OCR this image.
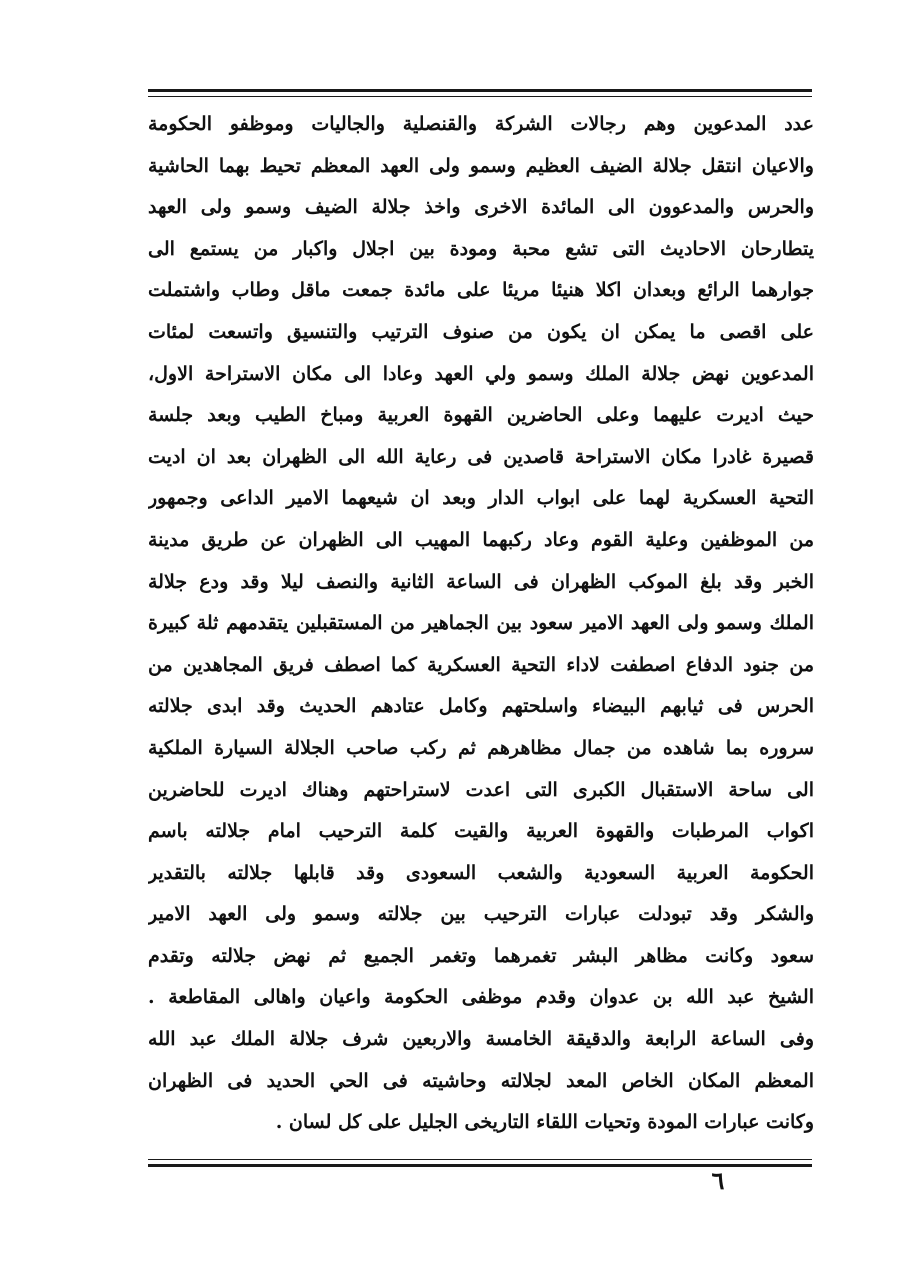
عدد المدعوين وهم رجالات الشركة والقنصلية والجاليات وموظفو الحكومة
والاعيان انتقل جلالة الضيف العظيم وسمو ولى العهد المعظم تحيط بهما الحاشية
والحرس والمدعوون الى المائدة الاخرى واخذ جلالة الضيف وسمو ولى العهد
يتطارحان الاحاديث التى تشع محبة ومودة بين اجلال واكبار من يستمع الى
جوارهما الرائع وبعدان اكلا هنيئا مريئا على مائدة جمعت ماقل وطاب واشتملت
على اقصى ما يمكن ان يكون من صنوف الترتيب والتنسيق واتسعت لمئات
المدعوين نهض جلالة الملك وسمو ولي العهد وعادا الى مكان الاستراحة الاول،
حيث اديرت عليهما وعلى الحاضرين القهوة العربية ومباخ الطيب وبعد جلسة
قصيرة غادرا مكان الاستراحة قاصدين فى رعاية الله الى الظهران بعد ان اديت
التحية العسكرية لهما على ابواب الدار وبعد ان شيعهما الامير الداعى وجمهور
من الموظفين وعلية القوم وعاد ركبهما المهيب الى الظهران عن طريق مدينة
الخبر وقد بلغ الموكب الظهران فى الساعة الثانية والنصف ليلا وقد ودع جلالة
الملك وسمو ولى العهد الامير سعود بين الجماهير من المستقبلين يتقدمهم ثلة كبيرة
من جنود الدفاع اصطفت لاداء التحية العسكرية كما اصطف فريق المجاهدين من
الحرس فى ثيابهم البيضاء واسلحتهم وكامل عتادهم الحديث وقد ابدى جلالته
سروره بما شاهده من جمال مظاهرهم ثم ركب صاحب الجلالة السيارة الملكية
الى ساحة الاستقبال الكبرى التى اعدت لاستراحتهم وهناك اديرت للحاضرين
اكواب المرطبات والقهوة العربية والقيت كلمة الترحيب امام جلالته باسم
الحكومة العربية السعودية والشعب السعودى وقد قابلها جلالته بالتقدير
والشكر وقد تبودلت عبارات الترحيب بين جلالته وسمو ولى العهد الامير
سعود وكانت مظاهر البشر تغمرهما وتغمر الجميع ثم نهض جلالته وتقدم
الشيخ عبد الله بن عدوان وقدم موظفى الحكومة واعيان واهالى المقاطعة .
وفى الساعة الرابعة والدقيقة الخامسة والاربعين شرف جلالة الملك عبد الله
المعظم المكان الخاص المعد لجلالته وحاشيته فى الحي الحديد فى الظهران
وكانت عبارات المودة وتحيات اللقاء التاريخى الجليل على كل لسان .
٦
